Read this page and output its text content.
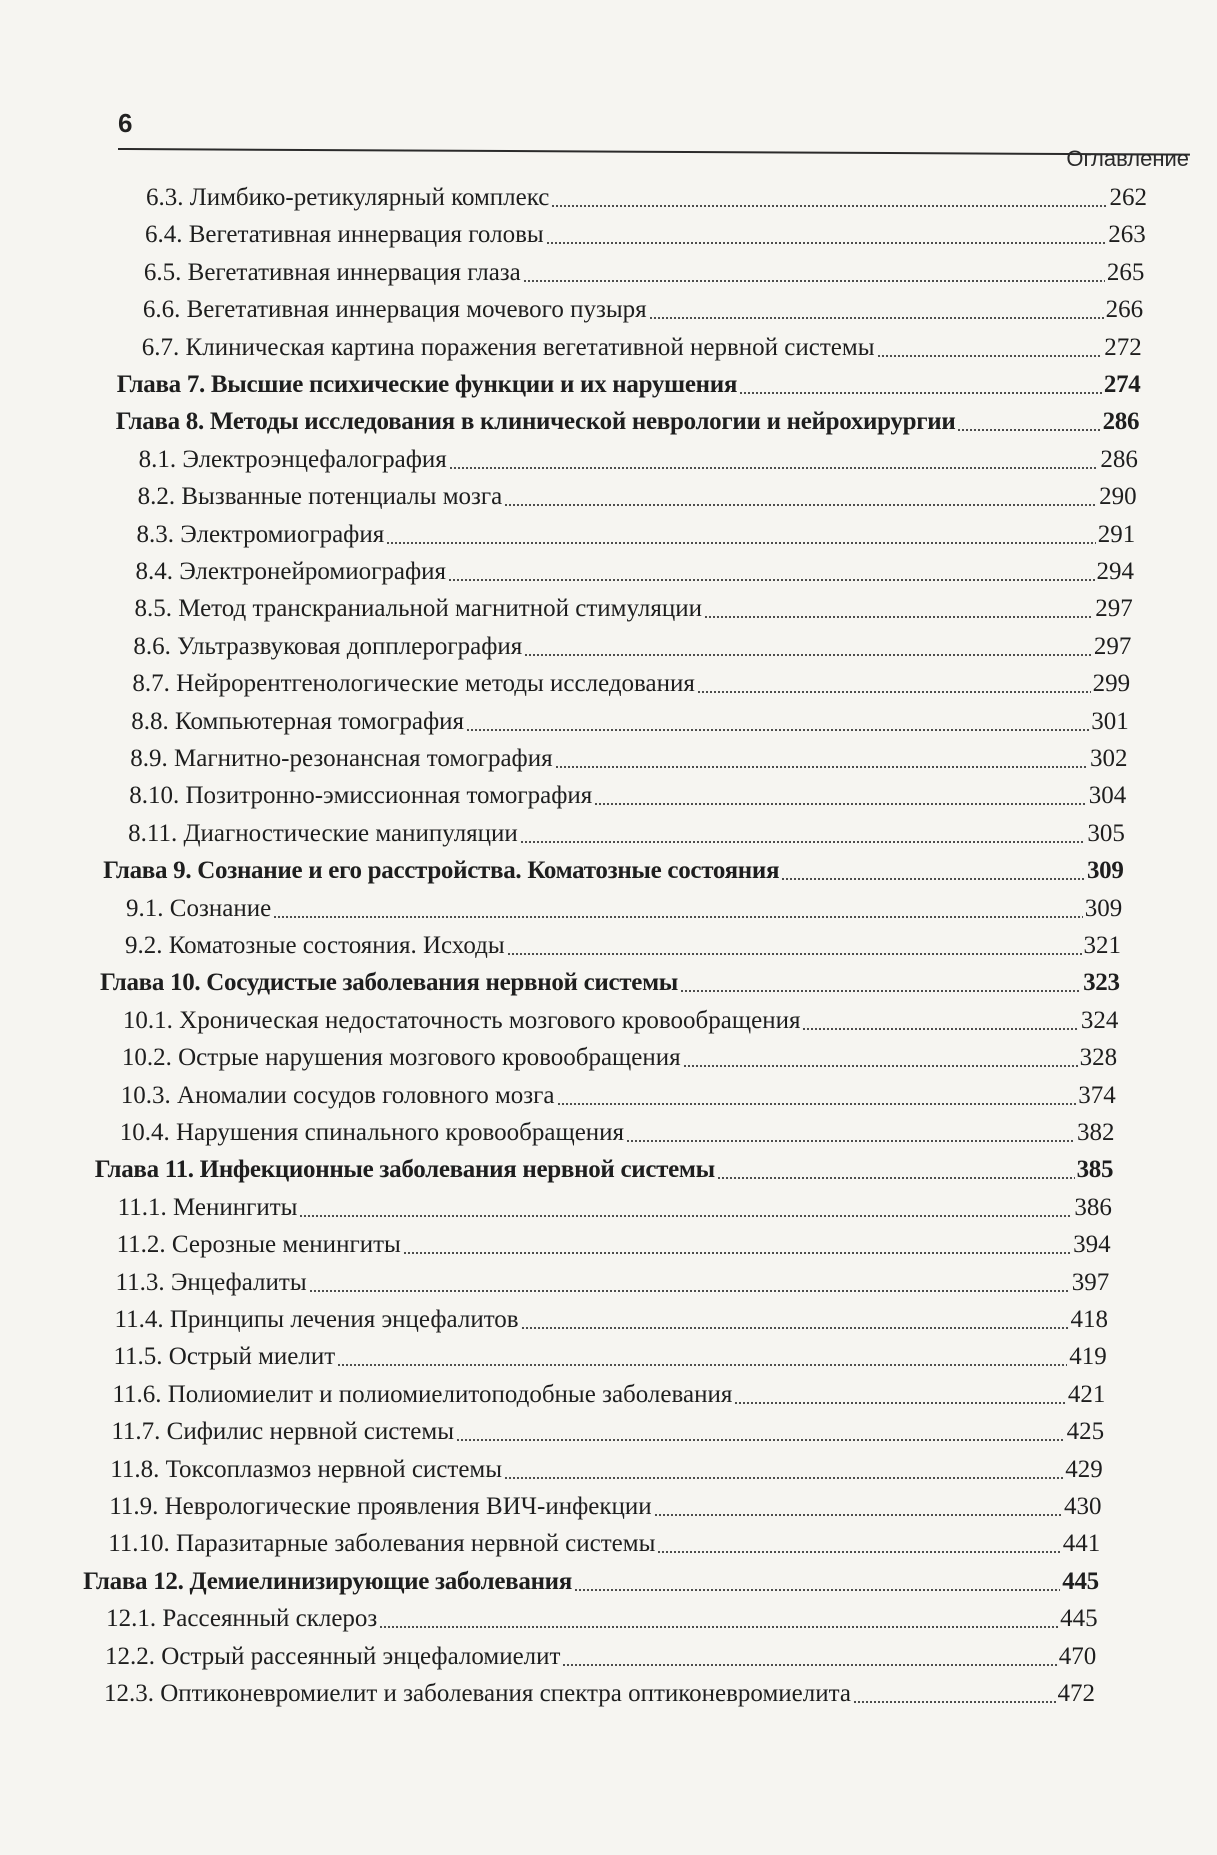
6
Оглавление
6.3. Лимбико-ретикулярный комплекс	262
6.4. Вегетативная иннервация головы	263
6.5. Вегетативная иннервация глаза	265
6.6. Вегетативная иннервация мочевого пузыря	266
6.7. Клиническая картина поражения вегетативной нервной системы	272
Глава 7. Высшие психические функции и их нарушения	274
Глава 8. Методы исследования в клинической неврологии и нейрохирургии	286
8.1. Электроэнцефалография	286
8.2. Вызванные потенциалы мозга	290
8.3. Электромиография	291
8.4. Электронейромиография	294
8.5. Метод транскраниальной магнитной стимуляции	297
8.6. Ультразвуковая допплерография	297
8.7. Нейрорентгенологические методы исследования	299
8.8. Компьютерная томография	301
8.9. Магнитно-резонансная томография	302
8.10. Позитронно-эмиссионная томография	304
8.11. Диагностические манипуляции	305
Глава 9. Сознание и его расстройства. Коматозные состояния	309
9.1. Сознание	309
9.2. Коматозные состояния. Исходы	321
Глава 10. Сосудистые заболевания нервной системы	323
10.1. Хроническая недостаточность мозгового кровообращения	324
10.2. Острые нарушения мозгового кровообращения	328
10.3. Аномалии сосудов головного мозга	374
10.4. Нарушения спинального кровообращения	382
Глава 11. Инфекционные заболевания нервной системы	385
11.1. Менингиты	386
11.2. Серозные менингиты	394
11.3. Энцефалиты	397
11.4. Принципы лечения энцефалитов	418
11.5. Острый миелит	419
11.6. Полиомиелит и полиомиелитоподобные заболевания	421
11.7. Сифилис нервной системы	425
11.8. Токсоплазмоз нервной системы	429
11.9. Неврологические проявления ВИЧ-инфекции	430
11.10. Паразитарные заболевания нервной системы	441
Глава 12. Демиелинизирующие заболевания	445
12.1. Рассеянный склероз	445
12.2. Острый рассеянный энцефаломиелит	470
12.3. Оптиконевромиелит и заболевания спектра оптиконевромиелита	472
